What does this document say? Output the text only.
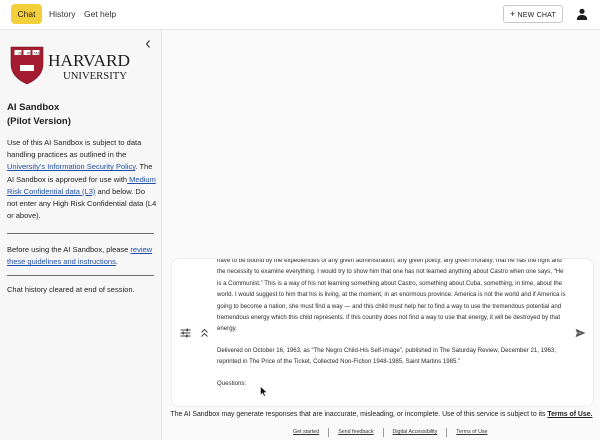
Chat	History Get help	+ NEW CHAT
VE RI TAS HARVARD
UNIVERSITY
AI Sandbox
(Pilot Version)
Use of this AI Sandbox is subject to data handling practices as outlined in the University's Information Security Policy. The AI Sandbox is approved for use with Medium Risk Confidential data (L3) and below. Do not enter any High Risk Confidential data (L4 or above).
Before using the AI Sandbox, please review these guidelines and instructions.
Chat history cleared at end of session.

have to be bound by the expediencies of any given administration, any given policy, any given morality; that he has the right and the necessity to examine everything. I would try to show him that one has not learned anything about Castro when one says, “He is a Communist.” This is a way of his not learning something about Castro, something about Cuba, something, in time, about the world. I would suggest to him that his is living, at the moment, in an enormous province. America is not the world and if America is going to become a nation, she must find a way — and this child must help her to find a way to use the tremendous potential and tremendous energy which this child represents. If this country does not find a way to use that energy, it will be destroyed by that energy.

Delivered on October 16, 1963, as “The Negro Child-His Self-Image”, published in The Saturday Review, December 21, 1963, reprinted in The Price of the Ticket, Collected Non-Fiction 1948-1985, Saint Martins 1985.”

Questions:

The AI Sandbox may generate responses that are inaccurate, misleading, or incomplete. Use of this service is subject to its Terms of Use.
Get started	Send feedback	Digital Accessibility	Terms of Use
